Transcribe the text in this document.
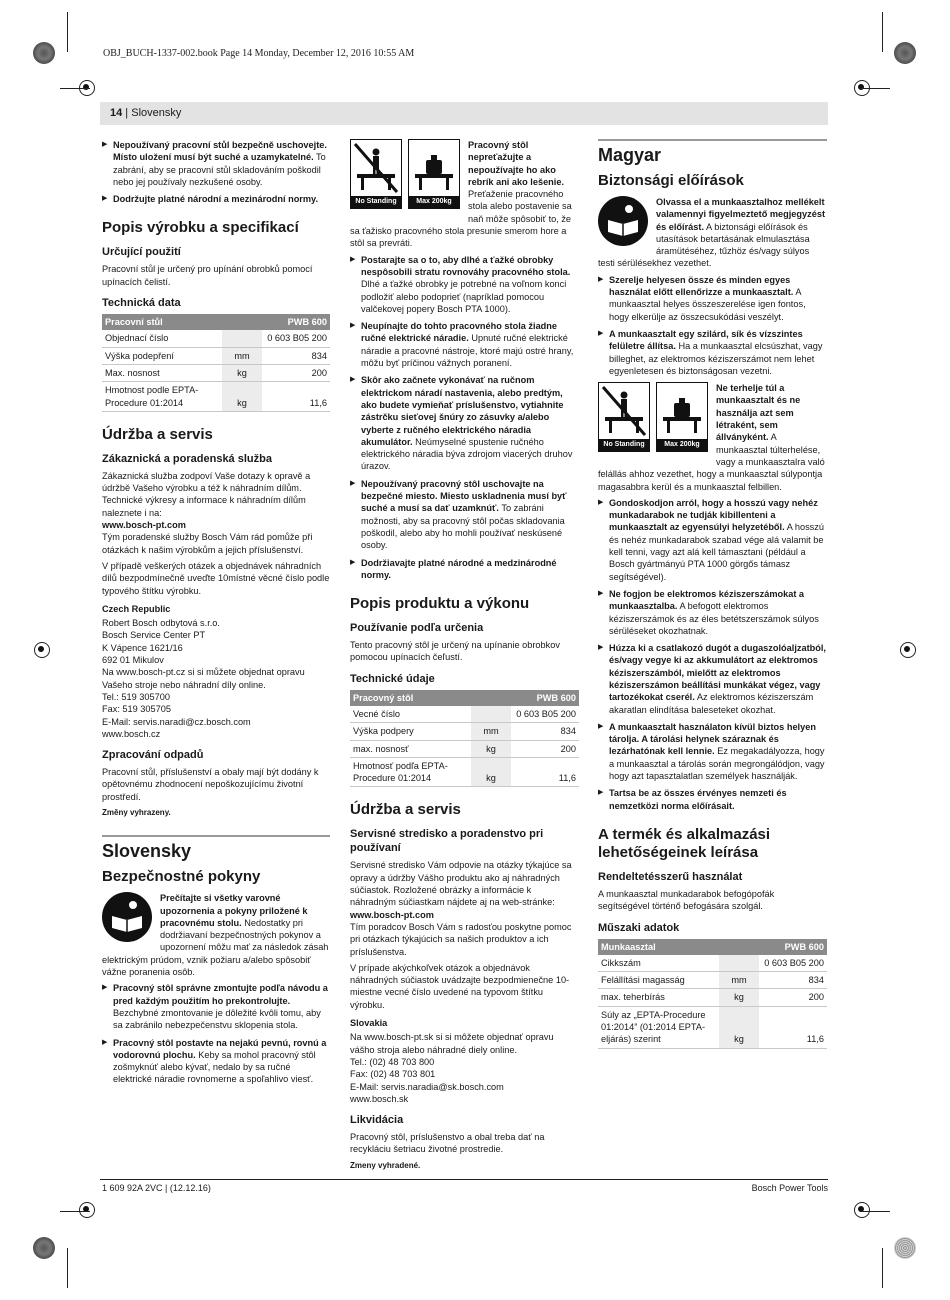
OBJ_BUCH-1337-002.book Page 14 Monday, December 12, 2016 10:55 AM
14 | Slovensky
▶ Nepoužívaný pracovní stůl bezpečně uschovejte. Místo uložení musí být suché a uzamykatelné. To zabrání, aby se pracovní stůl skladováním poškodil nebo jej používaly nezkušené osoby.
▶ Dodržujte platné národní a mezinárodní normy.
Popis výrobku a specifikací
Určující použití

Pracovní stůl je určený pro upínání obrobků pomocí upínacích čelistí.

Technická data
Pracovní stůl		PWB 600
Objednací číslo		0 603 B05 200
Výška podepření	mm	834
Max. nosnost	kg	200
Hmotnost podle EPTA-Procedure 01:2014	kg	11,6
Údržba a servis
Zákaznická a poradenská služba

Zákaznická služba zodpoví Vaše dotazy k opravě a údržbě Vašeho výrobku a též k náhradním dílům. Technické výkresy a informace k náhradním dílům naleznete i na:

www.bosch-pt.com

Tým poradenské služby Bosch Vám rád pomůže při otázkách k našim výrobkům a jejich příslušenství.

V případě veškerých otázek a objednávek náhradních dílů bezpodmínečně uveďte 10místné věcné číslo podle typového štítku výrobku.

Czech Republic

Robert Bosch odbytová s.r.o.

Bosch Service Center PT

K Vápence 1621/16

692 01 Mikulov

Na www.bosch-pt.cz si si můžete objednat opravu Vašeho stroje nebo náhradní díly online.

Tel.: 519 305700

Fax: 519 305705

E-Mail: servis.naradi@cz.bosch.com

www.bosch.cz

Zpracování odpadů

Pracovní stůl, příslušenství a obaly mají být dodány k opětovnému zhodnocení nepoškozujícímu životní prostředí.

Změny vyhrazeny.

Slovensky
Bezpečnostné pokyny

Prečítajte si všetky varovné upozornenia a pokyny priložené k pracovnému stolu. Nedostatky pri dodržiavaní bezpečnostných pokynov a upozornení môžu mať za následok zásah elektrickým prúdom, vznik požiaru a/alebo spôsobiť vážne poranenia osôb.

▶ Pracovný stôl správne zmontujte podľa návodu a pred každým použitím ho prekontrolujte. Bezchybné zmontovanie je dôležité kvôli tomu, aby sa zabránilo nebezpečenstvu sklopenia stola.
▶ Pracovný stôl postavte na nejakú pevnú, rovnú a vodorovnú plochu. Keby sa mohol pracovný stôl zošmyknúť alebo kývať, nedalo by sa ručné elektrické náradie rovnomerne a spoľahlivo viesť.
No Standing	Max 200kg

Pracovný stôl nepreťažujte a nepoužívajte ho ako rebrík ani ako lešenie. Preťaženie pracovného stola alebo postavenie sa naň môže spôsobiť to, že sa ťažisko pracovného stola presunie smerom hore a stôl sa prevráti.

▶ Postarajte sa o to, aby dlhé a ťažké obrobky nespôsobili stratu rovnováhy pracovného stola. Dlhé a ťažké obrobky je potrebné na voľnom konci podložiť alebo podoprieť (napríklad pomocou valčekovej popery Bosch PTA 1000).
▶ Neupínajte do tohto pracovného stola žiadne ručné elektrické náradie. Upnuté ručné elektrické náradie a pracovné nástroje, ktoré majú ostré hrany, môžu byť príčinou vážnych poranení.
▶ Skôr ako začnete vykonávať na ručnom elektrickom náradí nastavenia, alebo predtým, ako budete vymieňať príslušenstvo, vytiahnite zástrčku sieťovej šnúry zo zásuvky a/alebo vyberte z ručného elektrického náradia akumulátor. Neúmyselné spustenie ručného elektrického náradia býva zdrojom viacerých druhov úrazov.
▶ Nepoužívaný pracovný stôl uschovajte na bezpečné miesto. Miesto uskladnenia musí byť suché a musí sa dať uzamknúť. To zabráni možnosti, aby sa pracovný stôl počas skladovania poškodil, alebo aby ho mohli používať neskúsené osoby.
▶ Dodržiavajte platné národné a medzinárodné normy.
Popis produktu a výkonu
Používanie podľa určenia

Tento pracovný stôl je určený na upínanie obrobkov pomocou upínacích čeľustí.

Technické údaje
Pracovný stôl		PWB 600
Vecné číslo		0 603 B05 200
Výška podpery	mm	834
max. nosnosť	kg	200
Hmotnosť podľa EPTA-Procedure 01:2014	kg	11,6
Údržba a servis
Servisné stredisko a poradenstvo pri používaní

Servisné stredisko Vám odpovie na otázky týkajúce sa opravy a údržby Vášho produktu ako aj náhradných súčiastok. Rozložené obrázky a informácie k náhradným súčiastkam nájdete aj na web-stránke:

www.bosch-pt.com

Tím poradcov Bosch Vám s radosťou poskytne pomoc pri otázkach týkajúcich sa našich produktov a ich príslušenstva.

V prípade akýchkoľvek otázok a objednávok náhradných súčiastok uvádzajte bezpodmienečne 10-miestne vecné číslo uvedené na typovom štítku výrobku.

Slovakia

Na www.bosch-pt.sk si si môžete objednať opravu vášho stroja alebo náhradné diely online.

Tel.: (02) 48 703 800

Fax: (02) 48 703 801

E-Mail: servis.naradia@sk.bosch.com

www.bosch.sk

Likvidácia

Pracovný stôl, príslušenstvo a obal treba dať na recykláciu šetriacu životné prostredie.

Zmeny vyhradené.

Magyar
Biztonsági előírások

Olvassa el a munkaasztalhoz mellékelt valamennyi figyelmeztető megjegyzést és előírást. A biztonsági előírások és utasítások betartásának elmulasztása áramütéséhez, tűzhöz és/vagy súlyos testi sérülésekhez vezethet.

▶ Szerelje helyesen össze és minden egyes használat előtt ellenőrizze a munkaasztalt. A munkaasztal helyes összeszerelése igen fontos, hogy elkerülje az összecsukódási veszélyt.
▶ A munkaasztalt egy szilárd, sík és vízszintes felületre állítsa. Ha a munkaasztal elcsúszhat, vagy billeghet, az elektromos kéziszerszámot nem lehet egyenletesen és biztonságosan vezetni.
No Standing	Max 200kg

Ne terhelje túl a munkaasztalt és ne használja azt sem létraként, sem állványként. A munkaasztal túlterhelése, vagy a munkaasztalra való felállás ahhoz vezethet, hogy a munkaasztal súlypontja magasabbra kerül és a munkaasztal felbillen.

▶ Gondoskodjon arról, hogy a hosszú vagy nehéz munkadarabok ne tudják kibillenteni a munkaasztalt az egyensúlyi helyzetéből. A hosszú és nehéz munkadarabok szabad vége alá valamit be kell tenni, vagy azt alá kell támasztani (például a Bosch gyártmányú PTA 1000 görgős támasz segítségével).
▶ Ne fogjon be elektromos kéziszerszámokat a munkaasztalba. A befogott elektromos kéziszerszámok és az éles betétszerszámok súlyos sérüléseket okozhatnak.
▶ Húzza ki a csatlakozó dugót a dugaszolóaljzatból, és/vagy vegye ki az akkumulátort az elektromos kéziszerszámból, mielőtt az elektromos kéziszerszámon beállítási munkákat végez, vagy tartozékokat cserél. Az elektromos kéziszerszám akaratlan elindítása baleseteket okozhat.
▶ A munkaasztalt használaton kívül biztos helyen tárolja. A tárolási helynek száraznak és lezárhatónak kell lennie. Ez megakadályozza, hogy a munkaasztal a tárolás során megrongálódjon, vagy hogy azt tapasztalatlan személyek használják.
▶ Tartsa be az összes érvényes nemzeti és nemzetközi norma előírásait.
A termék és alkalmazási lehetőségeinek leírása
Rendeltetésszerű használat

A munkaasztal munkadarabok befogópofák segítségével történő befogására szolgál.

Műszaki adatok
Munkaasztal		PWB 600
Cikkszám		0 603 B05 200
Felállítási magasság	mm	834
max. teherbírás	kg	200
Súly az „EPTA-Procedure 01:2014” (01:2014 EPTA-eljárás) szerint	kg	11,6
1 609 92A 2VC | (12.12.16)	Bosch Power Tools
